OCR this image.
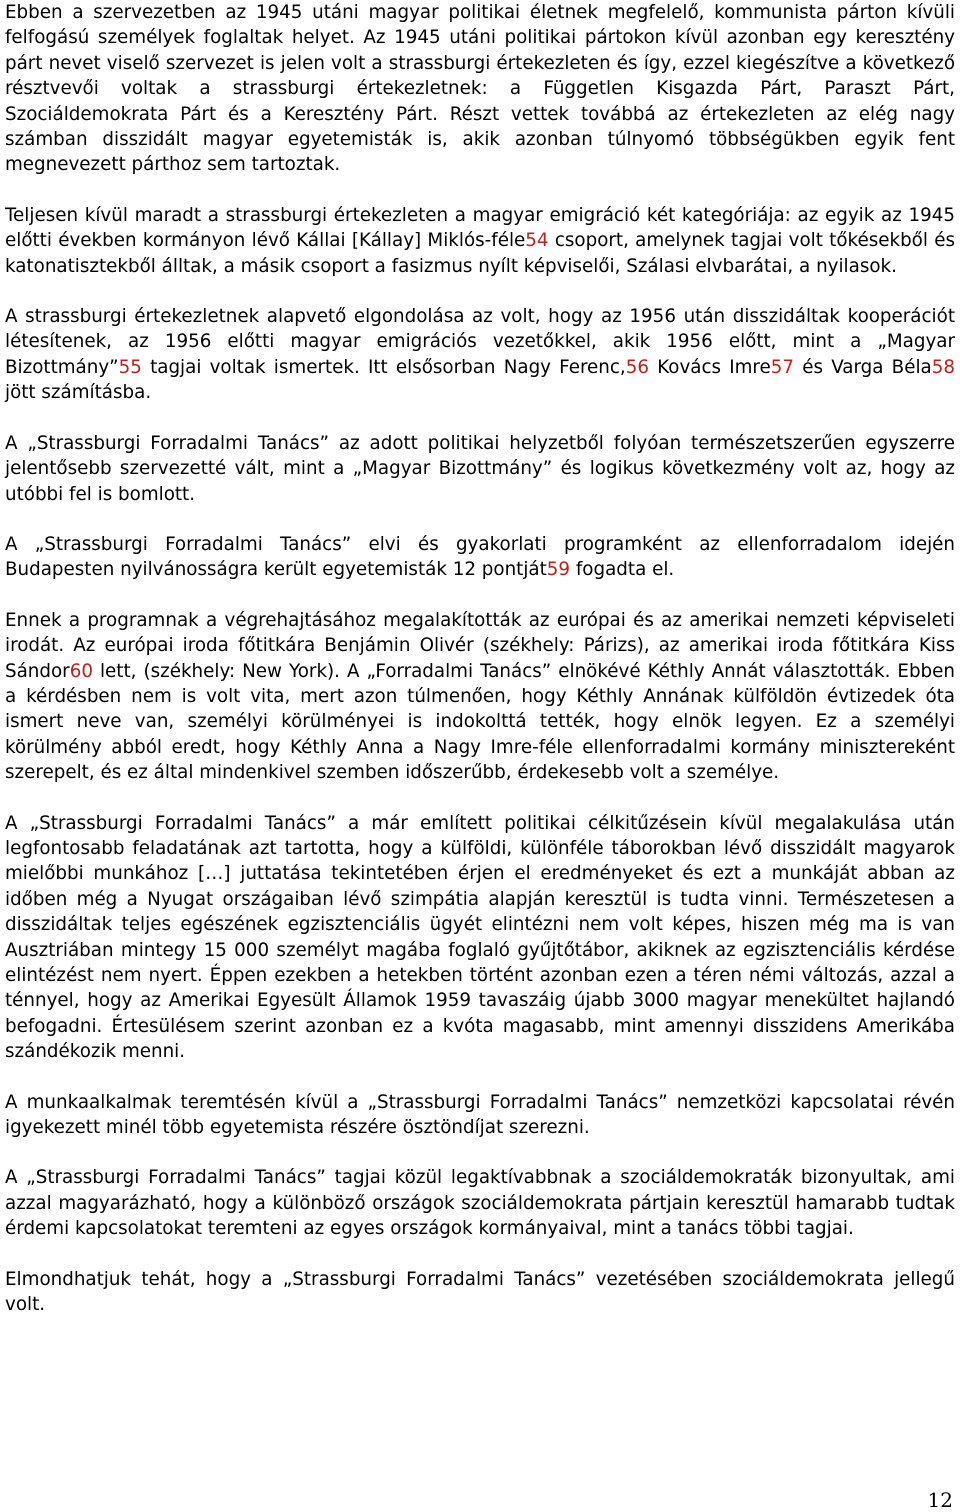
Ebben a szervezetben az 1945 utáni magyar politikai életnek megfelelő, kommunista párton kívüli felfogású személyek foglaltak helyet. Az 1945 utáni politikai pártokon kívül azonban egy keresztény párt nevet viselő szervezet is jelen volt a strassburgi értekezleten és így, ezzel kiegészítve a következő résztvevői voltak a strassburgi értekezletnek: a Független Kisgazda Párt, Paraszt Párt, Szociáldemokrata Párt és a Keresztény Párt. Részt vettek továbbá az értekezleten az elég nagy számban disszidált magyar egyetemisták is, akik azonban túlnyomó többségükben egyik fent megnevezett párthoz sem tartoztak.

Teljesen kívül maradt a strassburgi értekezleten a magyar emigráció két kategóriája: az egyik az 1945 előtti években kormányon lévő Kállai [Kállay] Miklós-féle54 csoport, amelynek tagjai volt tőkésekből és katonatisztekből álltak, a másik csoport a fasizmus nyílt képviselői, Szálasi elvbarátai, a nyilasok.

A strassburgi értekezletnek alapvető elgondolása az volt, hogy az 1956 után disszidáltak kooperációt létesítenek, az 1956 előtti magyar emigrációs vezetőkkel, akik 1956 előtt, mint a „Magyar Bizottmány”55 tagjai voltak ismertek. Itt elsősorban Nagy Ferenc,56 Kovács Imre57 és Varga Béla58 jött számításba.

A „Strassburgi Forradalmi Tanács” az adott politikai helyzetből folyóan természetszerűen egyszerre jelentősebb szervezetté vált, mint a „Magyar Bizottmány” és logikus következmény volt az, hogy az utóbbi fel is bomlott.

A „Strassburgi Forradalmi Tanács” elvi és gyakorlati programként az ellenforradalom idején Budapesten nyilvánosságra került egyetemisták 12 pontját59 fogadta el.

Ennek a programnak a végrehajtásához megalakították az európai és az amerikai nemzeti képviseleti irodát. Az európai iroda főtitkára Benjámin Olivér (székhely: Párizs), az amerikai iroda főtitkára Kiss Sándor60 lett, (székhely: New York). A „Forradalmi Tanács” elnökévé Kéthly Annát választották. Ebben a kérdésben nem is volt vita, mert azon túlmenően, hogy Kéthly Annának külföldön évtizedek óta ismert neve van, személyi körülményei is indokolttá tették, hogy elnök legyen. Ez a személyi körülmény abból eredt, hogy Kéthly Anna a Nagy Imre-féle ellenforradalmi kormány minisztereként szerepelt, és ez által mindenkivel szemben időszerűbb, érdekesebb volt a személye.

A „Strassburgi Forradalmi Tanács” a már említett politikai célkitűzésein kívül megalakulása után legfontosabb feladatának azt tartotta, hogy a külföldi, különféle táborokban lévő disszidált magyarok mielőbbi munkához […] juttatása tekintetében érjen el eredményeket és ezt a munkáját abban az időben még a Nyugat országaiban lévő szimpátia alapján keresztül is tudta vinni. Természetesen a disszidáltak teljes egészének egzisztenciális ügyét elintézni nem volt képes, hiszen még ma is van Ausztriában mintegy 15 000 személyt magába foglaló gyűjtőtábor, akiknek az egzisztenciális kérdése elintézést nem nyert. Éppen ezekben a hetekben történt azonban ezen a téren némi változás, azzal a ténnyel, hogy az Amerikai Egyesült Államok 1959 tavaszáig újabb 3000 magyar menekültet hajlandó befogadni. Értesülésem szerint azonban ez a kvóta magasabb, mint amennyi disszidens Amerikába szándékozik menni.

A munkaalkalmak teremtésén kívül a „Strassburgi Forradalmi Tanács” nemzetközi kapcsolatai révén igyekezett minél több egyetemista részére ösztöndíjat szerezni.

A „Strassburgi Forradalmi Tanács” tagjai közül legaktívabbnak a szociáldemokraták bizonyultak, ami azzal magyarázható, hogy a különböző országok szociáldemokrata pártjain keresztül hamarabb tudtak érdemi kapcsolatokat teremteni az egyes országok kormányaival, mint a tanács többi tagjai.

Elmondhatjuk tehát, hogy a „Strassburgi Forradalmi Tanács” vezetésében szociáldemokrata jellegű volt.

12
